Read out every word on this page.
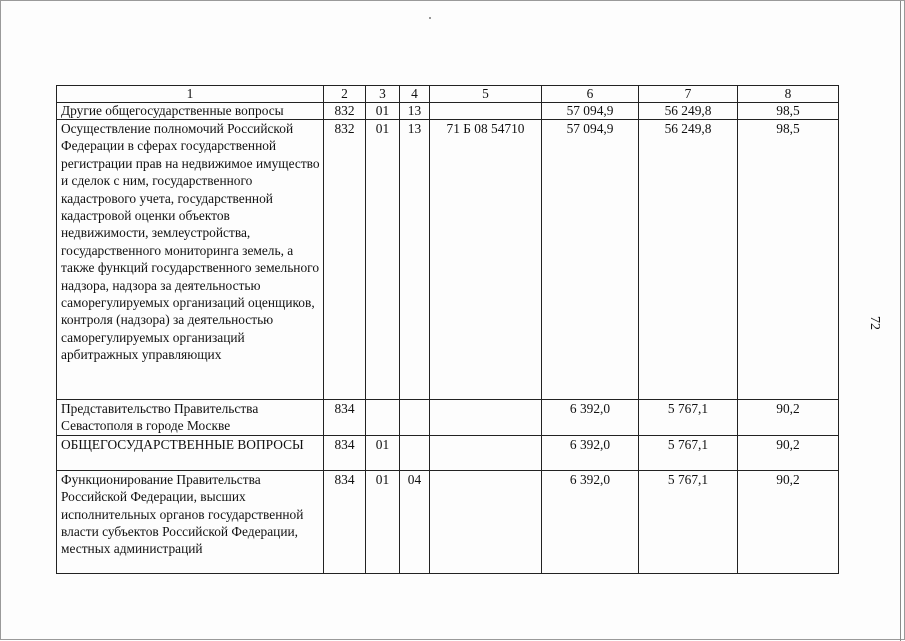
72
1	2	3	4	5	6	7	8
Другие общегосударственные вопросы	832	01	13		57 094,9	56 249,8	98,5
Осуществление полномочий Российской Федерации в сферах государственной регистрации прав на недвижимое имущество и сделок с ним, государственного кадастрового учета, государственной кадастровой оценки объектов недвижимости, землеустройства, государственного мониторинга земель, а также функций государственного земельного надзора, надзора за деятельностью саморегулируемых организаций оценщиков, контроля (надзора) за деятельностью саморегулируемых организаций арбитражных управляющих	832	01	13	71 Б 08 54710	57 094,9	56 249,8	98,5
Представительство Правительства Севастополя в городе Москве	834				6 392,0	5 767,1	90,2
ОБЩЕГОСУДАРСТВЕННЫЕ ВОПРОСЫ	834	01			6 392,0	5 767,1	90,2
Функционирование Правительства Российской Федерации, высших исполнительных органов государственной власти субъектов Российской Федерации, местных администраций	834	01	04		6 392,0	5 767,1	90,2
